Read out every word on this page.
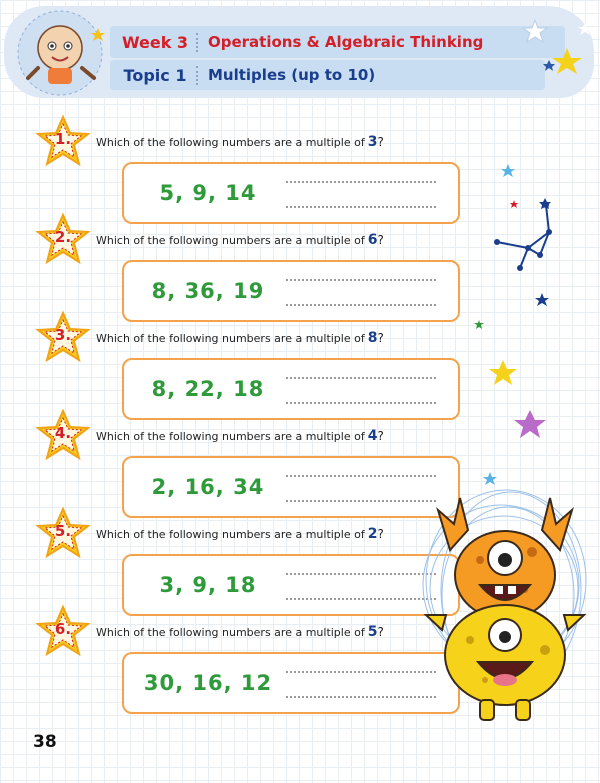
Week 3	Operations & Algebraic Thinking
Topic 1	Multiples (up to 10)
1.	Which of the following numbers are a multiple of 3?
5, 9, 14
2.	Which of the following numbers are a multiple of 6?
8, 36, 19
3.	Which of the following numbers are a multiple of 8?
8, 22, 18
4.	Which of the following numbers are a multiple of 4?
2, 16, 34
5.	Which of the following numbers are a multiple of 2?
3, 9, 18
6.	Which of the following numbers are a multiple of 5?
30, 16, 12
38
